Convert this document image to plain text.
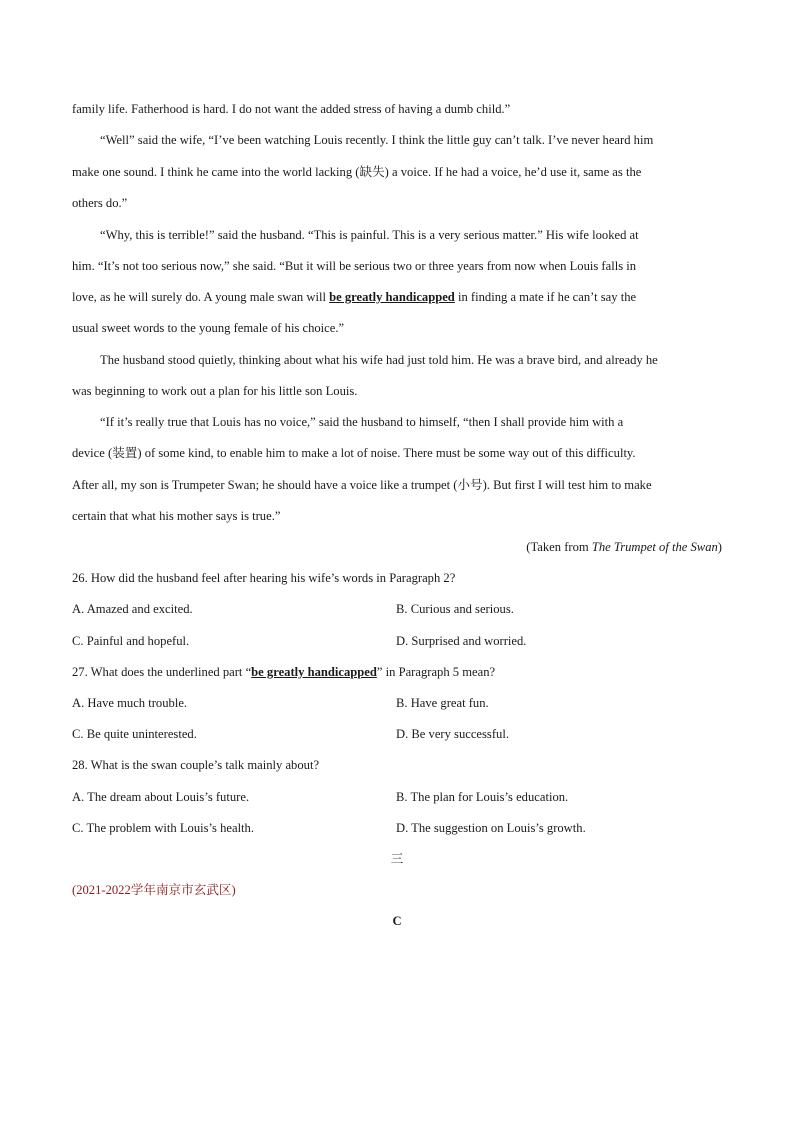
family life. Fatherhood is hard. I do not want the added stress of having a dumb child.”
“Well” said the wife, “I’ve been watching Louis recently. I think the little guy can’t talk. I’ve never heard him
make one sound. I think he came into the world lacking (缺失) a voice. If he had a voice, he’d use it, same as the
others do.”
“Why, this is terrible!” said the husband. “This is painful. This is a very serious matter.” His wife looked at
him. “It’s not too serious now,” she said. “But it will be serious two or three years from now when Louis falls in
love, as he will surely do. A young male swan will be greatly handicapped in finding a mate if he can’t say the
usual sweet words to the young female of his choice.”
The husband stood quietly, thinking about what his wife had just told him. He was a brave bird, and already he
was beginning to work out a plan for his little son Louis.
“If it’s really true that Louis has no voice,” said the husband to himself, “then I shall provide him with a
device (装置) of some kind, to enable him to make a lot of noise. There must be some way out of this difficulty.
After all, my son is Trumpeter Swan; he should have a voice like a trumpet (小号). But first I will test him to make
certain that what his mother says is true.”
(Taken from The Trumpet of the Swan)
26. How did the husband feel after hearing his wife’s words in Paragraph 2?
A. Amazed and excited.	B. Curious and serious.
C. Painful and hopeful.	D. Surprised and worried.
27. What does the underlined part “be greatly handicapped” in Paragraph 5 mean?
A. Have much trouble.	B. Have great fun.
C. Be quite uninterested.	D. Be very successful.
28. What is the swan couple’s talk mainly about?
A. The dream about Louis’s future.	B. The plan for Louis’s education.
C. The problem with Louis’s health.	D. The suggestion on Louis’s growth.
三
(2021-2022学年南京市玄武区)
C
